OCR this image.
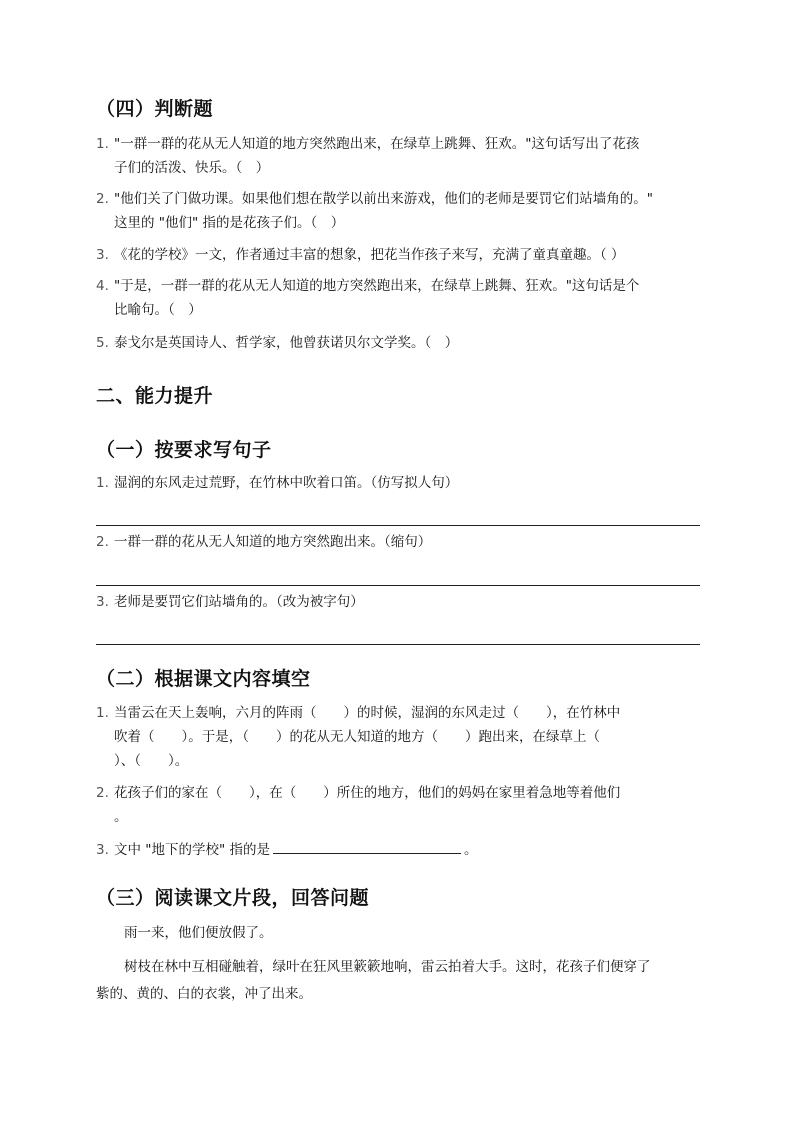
（四）判断题
1. "一群一群的花从无人知道的地方突然跑出来，在绿草上跳舞、狂欢。"这句话写出了花孩
子们的活泼、快乐。（　）
2. "他们关了门做功课。如果他们想在散学以前出来游戏，他们的老师是要罚它们站墙角的。"
这里的 "他们" 指的是花孩子们。（　）
3. 《花的学校》一文，作者通过丰富的想象，把花当作孩子来写，充满了童真童趣。（ ）
4. "于是，一群一群的花从无人知道的地方突然跑出来，在绿草上跳舞、狂欢。"这句话是个
比喻句。（　）
5. 泰戈尔是英国诗人、哲学家，他曾获诺贝尔文学奖。（　）
二、能力提升
（一）按要求写句子
1. 湿润的东风走过荒野，在竹林中吹着口笛。（仿写拟人句）
2. 一群一群的花从无人知道的地方突然跑出来。（缩句）
3. 老师是要罚它们站墙角的。（改为被字句）
（二）根据课文内容填空
1. 当雷云在天上轰响，六月的阵雨（　　）的时候，湿润的东风走过（　　），在竹林中
吹着（　　）。于是，（　　）的花从无人知道的地方（　　）跑出来，在绿草上（
）、（　　）。
2. 花孩子们的家在（　　），在（　　）所住的地方，他们的妈妈在家里着急地等着他们
。
3. 文中 "地下的学校" 指的是	。
（三）阅读课文片段，回答问题
雨一来，他们便放假了。
树枝在林中互相碰触着，绿叶在狂风里簌簌地响，雷云拍着大手。这时，花孩子们便穿了
紫的、黄的、白的衣裳，冲了出来。
